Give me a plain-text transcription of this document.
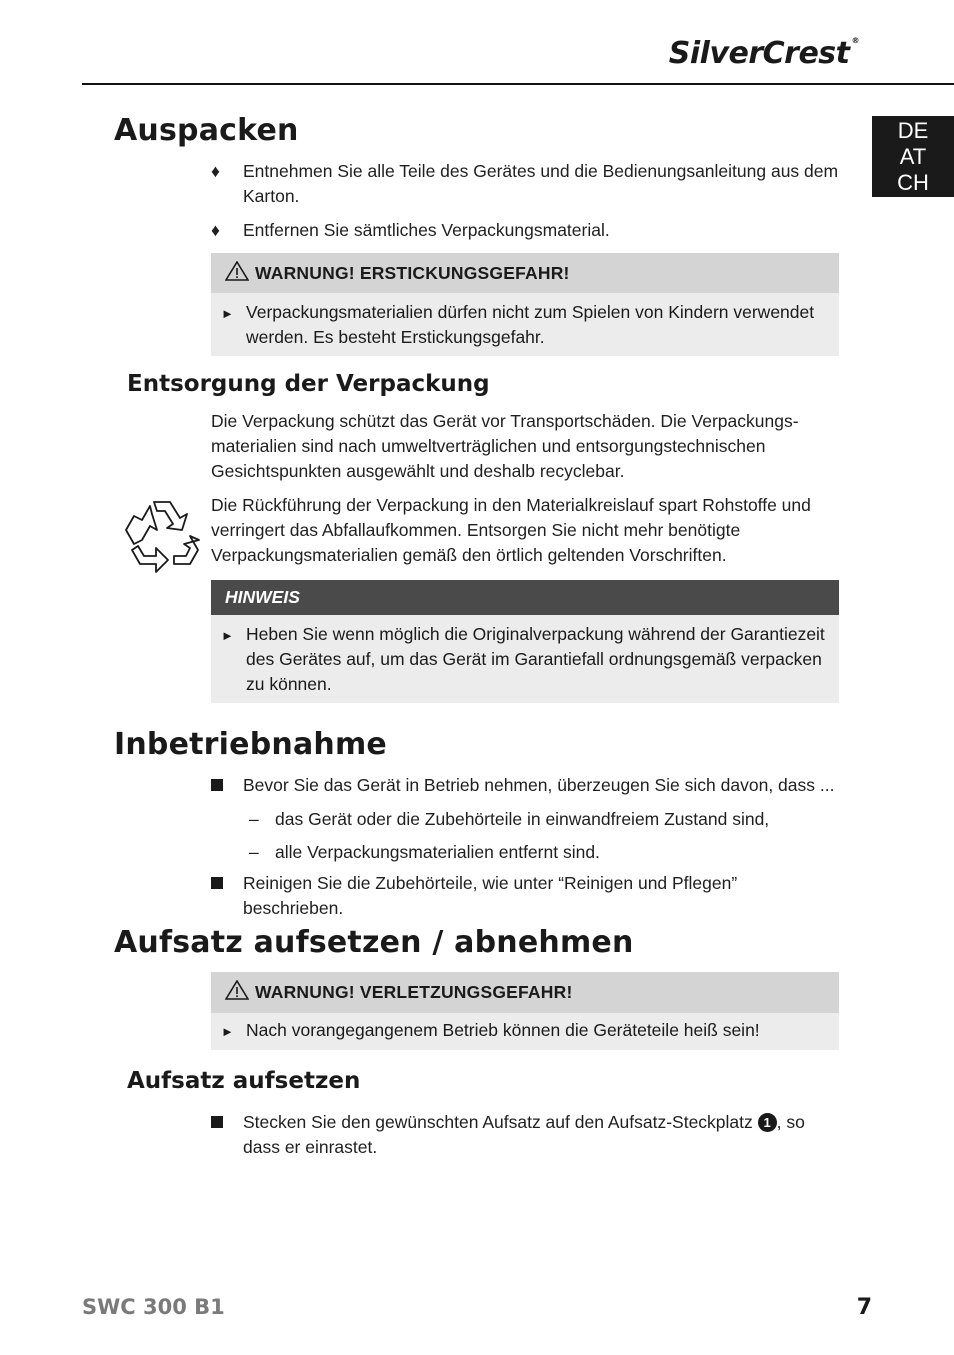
SilverCrest ®
DE
AT
CH
Auspacken
♦	Entnehmen Sie alle Teile des Gerätes und die Bedienungsanleitung aus dem Karton.
♦	Entfernen Sie sämtliches Verpackungsmaterial.
WARNUNG! ERSTICKUNGSGEFAHR!
► Verpackungsmaterialien dürfen nicht zum Spielen von Kindern verwendet werden. Es besteht Erstickungsgefahr.
Entsorgung der Verpackung
Die Verpackung schützt das Gerät vor Transportschäden. Die Verpackungsmaterialien sind nach umweltverträglichen und entsorgungstechnischen Gesichtspunkten ausgewählt und deshalb recyclebar.
Die Rückführung der Verpackung in den Materialkreislauf spart Rohstoffe und verringert das Abfallaufkommen. Entsorgen Sie nicht mehr benötigte Verpackungsmaterialien gemäß den örtlich geltenden Vorschriften.
HINWEIS
► Heben Sie wenn möglich die Originalverpackung während der Garantiezeit des Gerätes auf, um das Gerät im Garantiefall ordnungsgemäß verpacken zu können.
Inbetriebnahme
Bevor Sie das Gerät in Betrieb nehmen, überzeugen Sie sich davon, dass ...
– das Gerät oder die Zubehörteile in einwandfreiem Zustand sind,
– alle Verpackungsmaterialien entfernt sind.
Reinigen Sie die Zubehörteile, wie unter “Reinigen und Pflegen” beschrieben.
Aufsatz aufsetzen / abnehmen
WARNUNG! VERLETZUNGSGEFAHR!
► Nach vorangegangenem Betrieb können die Geräteteile heiß sein!
Aufsatz aufsetzen
Stecken Sie den gewünschten Aufsatz auf den Aufsatz-Steckplatz 1 , so dass er einrastet.
SWC 300 B1	7
